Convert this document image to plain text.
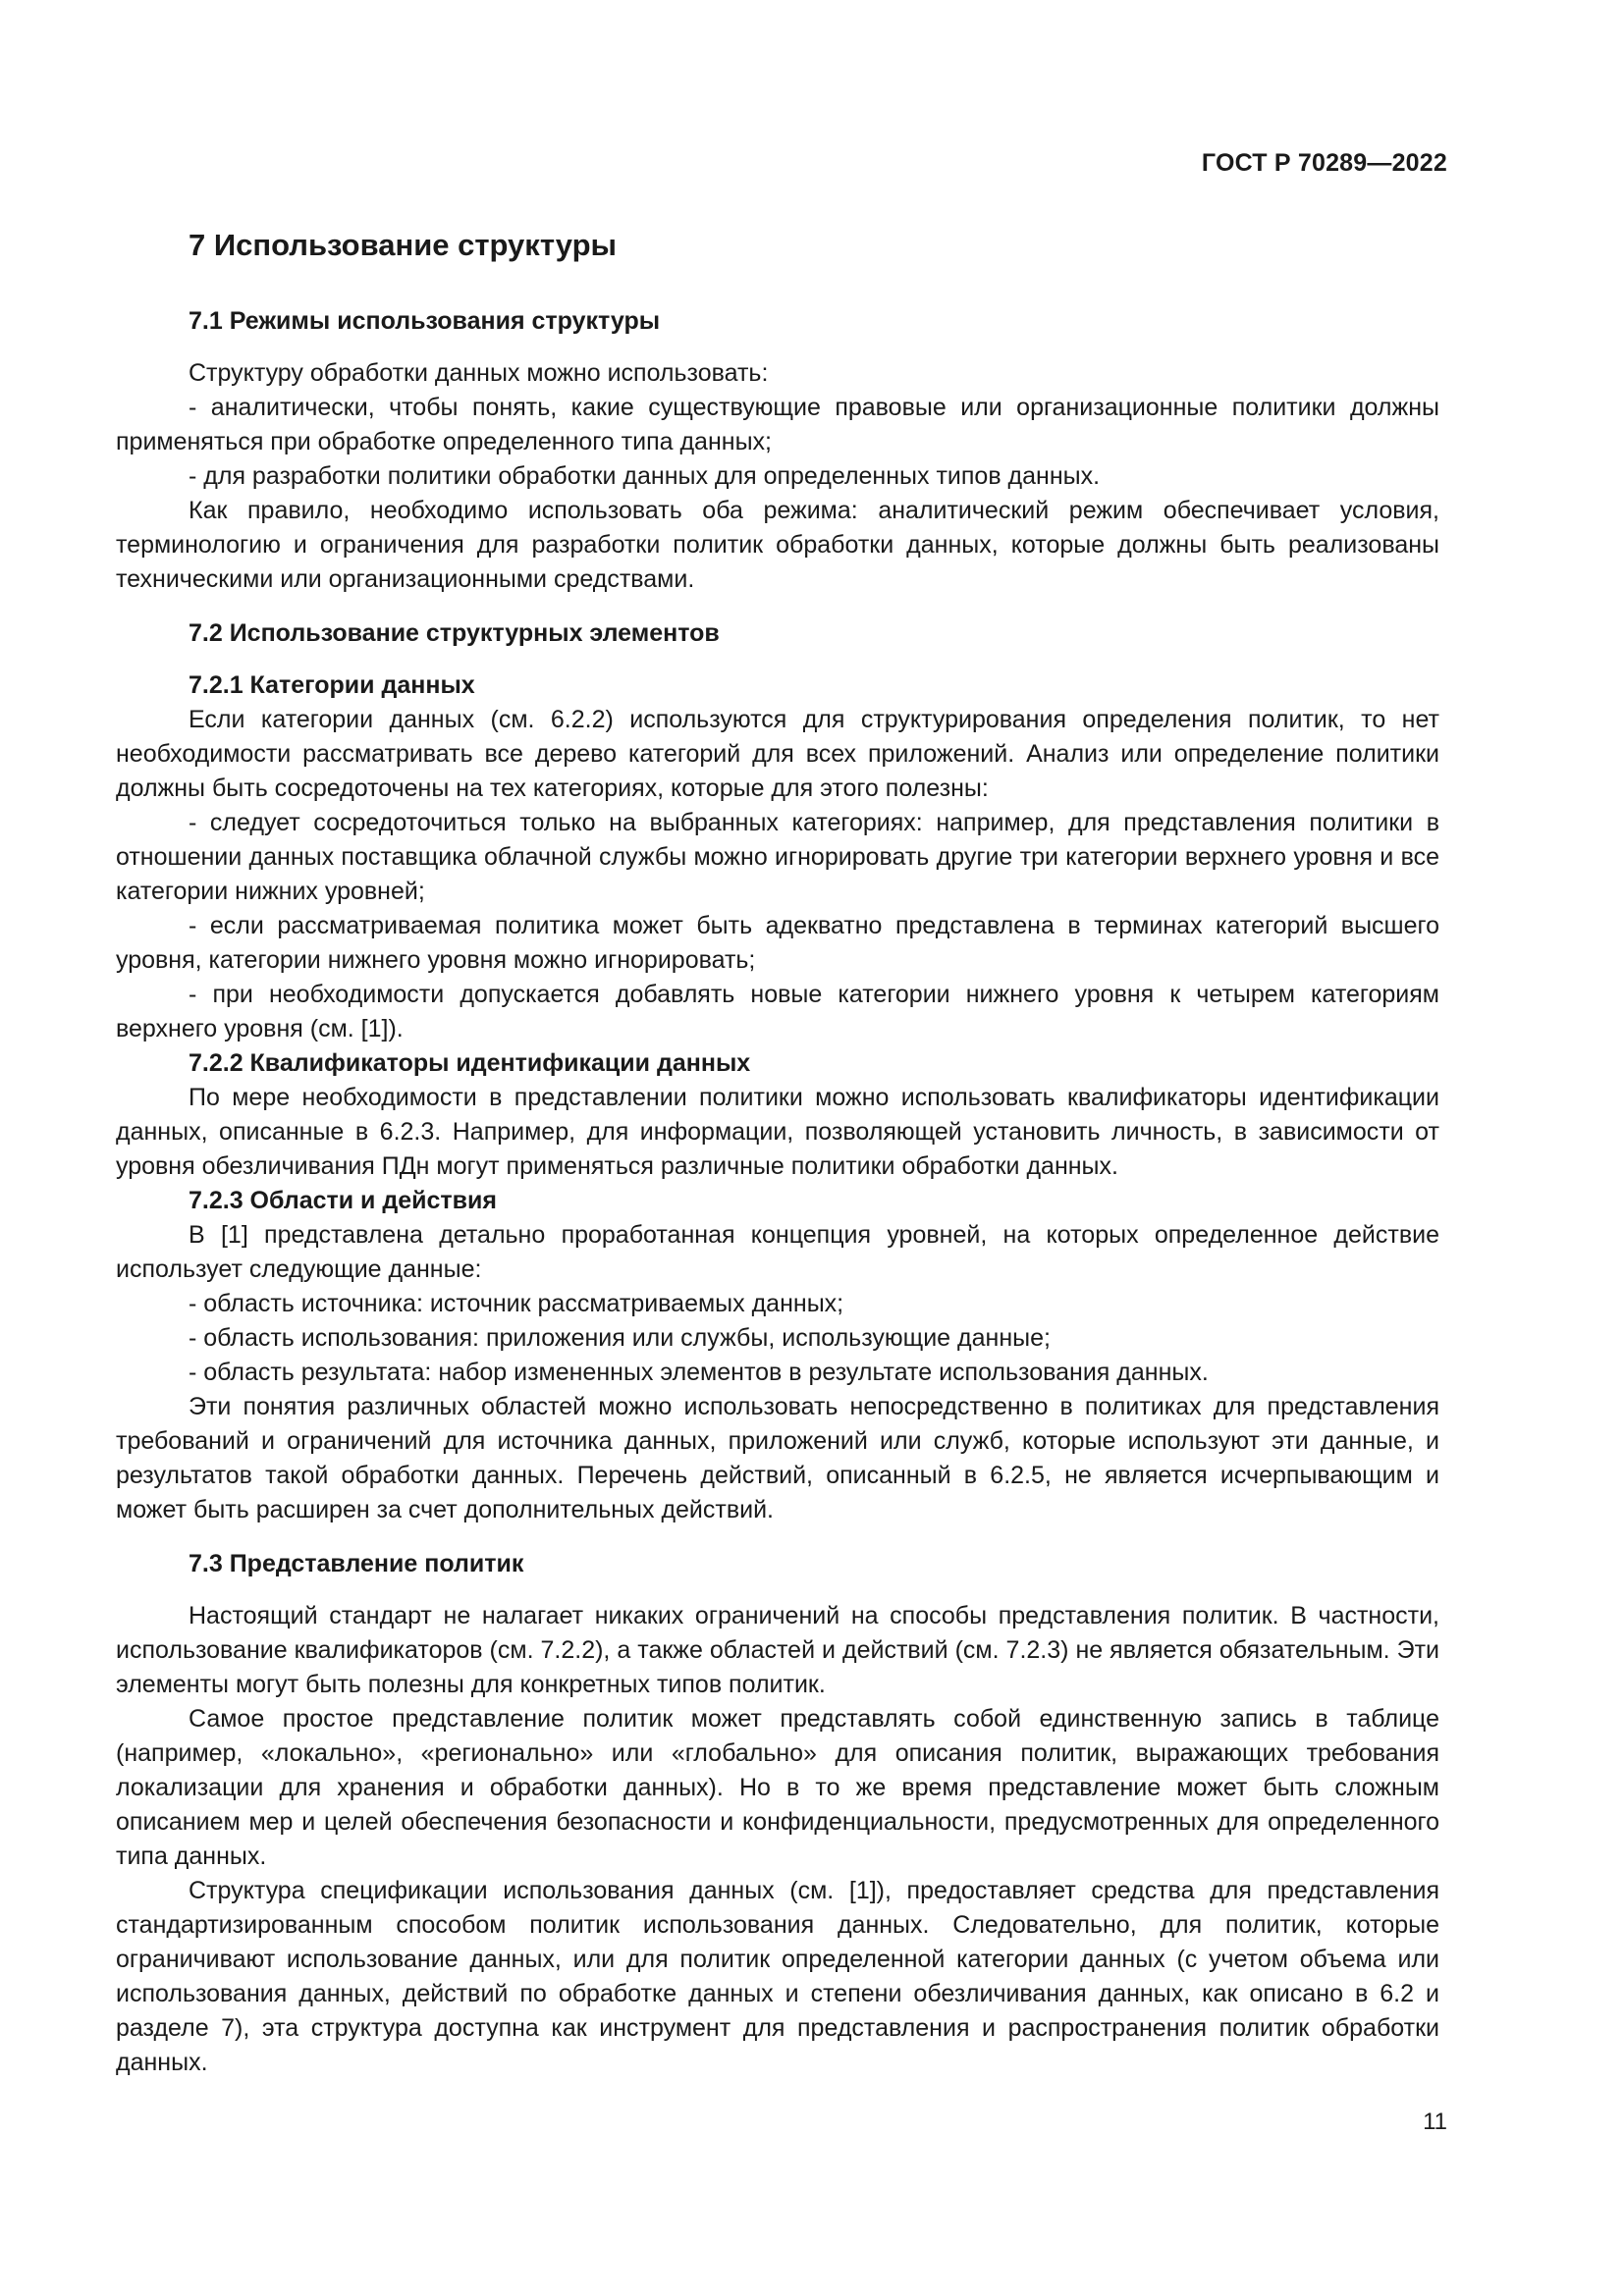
ГОСТ Р 70289—2022
7 Использование структуры
7.1 Режимы использования структуры

Структуру обработки данных можно использовать:

- аналитически, чтобы понять, какие существующие правовые или организационные политики должны применяться при обработке определенного типа данных;

- для разработки политики обработки данных для определенных типов данных.

Как правило, необходимо использовать оба режима: аналитический режим обеспечивает условия, терминологию и ограничения для разработки политик обработки данных, которые должны быть реализованы техническими или организационными средствами.

7.2 Использование структурных элементов
7.2.1 Категории данных

Если категории данных (см. 6.2.2) используются для структурирования определения политик, то нет необходимости рассматривать все дерево категорий для всех приложений. Анализ или определение политики должны быть сосредоточены на тех категориях, которые для этого полезны:

- следует сосредоточиться только на выбранных категориях: например, для представления политики в отношении данных поставщика облачной службы можно игнорировать другие три категории верхнего уровня и все категории нижних уровней;

- если рассматриваемая политика может быть адекватно представлена в терминах категорий высшего уровня, категории нижнего уровня можно игнорировать;

- при необходимости допускается добавлять новые категории нижнего уровня к четырем категориям верхнего уровня (см. [1]).

7.2.2 Квалификаторы идентификации данных

По мере необходимости в представлении политики можно использовать квалификаторы идентификации данных, описанные в 6.2.3. Например, для информации, позволяющей установить личность, в зависимости от уровня обезличивания ПДн могут применяться различные политики обработки данных.

7.2.3 Области и действия

В [1] представлена детально проработанная концепция уровней, на которых определенное действие использует следующие данные:

- область источника: источник рассматриваемых данных;

- область использования: приложения или службы, использующие данные;

- область результата: набор измененных элементов в результате использования данных.

Эти понятия различных областей можно использовать непосредственно в политиках для представления требований и ограничений для источника данных, приложений или служб, которые используют эти данные, и результатов такой обработки данных. Перечень действий, описанный в 6.2.5, не является исчерпывающим и может быть расширен за счет дополнительных действий.

7.3 Представление политик

Настоящий стандарт не налагает никаких ограничений на способы представления политик. В частности, использование квалификаторов (см. 7.2.2), а также областей и действий (см. 7.2.3) не является обязательным. Эти элементы могут быть полезны для конкретных типов политик.

Самое простое представление политик может представлять собой единственную запись в таблице (например, «локально», «регионально» или «глобально» для описания политик, выражающих требования локализации для хранения и обработки данных). Но в то же время представление может быть сложным описанием мер и целей обеспечения безопасности и конфиденциальности, предусмотренных для определенного типа данных.

Структура спецификации использования данных (см. [1]), предоставляет средства для представления стандартизированным способом политик использования данных. Следовательно, для политик, которые ограничивают использование данных, или для политик определенной категории данных (с учетом объема или использования данных, действий по обработке данных и степени обезличивания данных, как описано в 6.2 и разделе 7), эта структура доступна как инструмент для представления и распространения политик обработки данных.

11
